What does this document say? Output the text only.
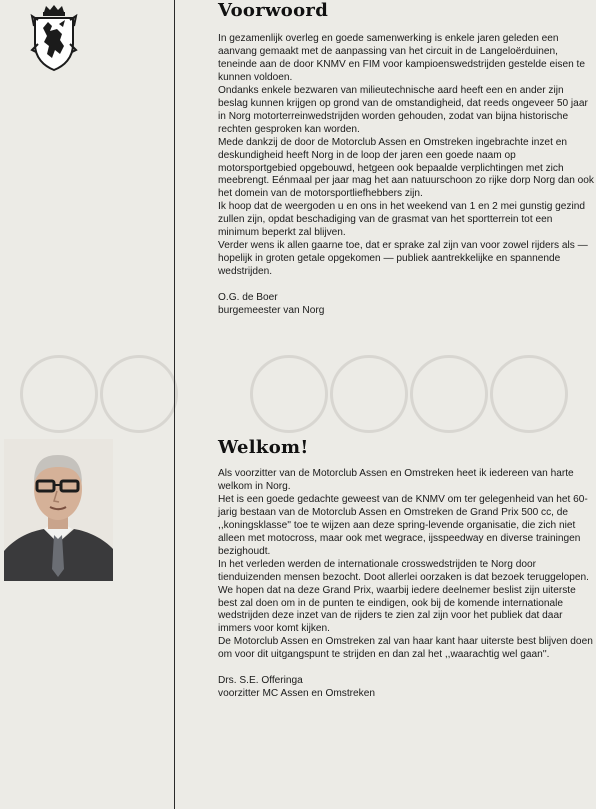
Voorwoord

In gezamenlijk overleg en goede samenwerking is enkele jaren geleden een aanvang gemaakt met de aanpassing van het circuit in de Langeloërduinen, teneinde aan de door KNMV en FIM voor kampioenswedstrijden gestelde eisen te kunnen voldoen.

Ondanks enkele bezwaren van milieutechnische aard heeft een en ander zijn beslag kunnen krijgen op grond van de omstandigheid, dat reeds ongeveer 50 jaar in Norg motorterreinwedstrijden worden gehouden, zodat van bijna historische rechten gesproken kan worden.

Mede dankzij de door de Motorclub Assen en Omstreken ingebrachte inzet en deskundigheid heeft Norg in de loop der jaren een goede naam op motorsportgebied opgebouwd, hetgeen ook bepaalde verplichtingen met zich meebrengt. Eénmaal per jaar mag het aan natuurschoon zo rijke dorp Norg dan ook het domein van de motorsportliefhebbers zijn.

Ik hoop dat de weergoden u en ons in het weekend van 1 en 2 mei gunstig gezind zullen zijn, opdat beschadiging van de grasmat van het sportterrein tot een minimum beperkt zal blijven.

Verder wens ik allen gaarne toe, dat er sprake zal zijn van voor zowel rijders als — hopelijk in groten getale opgekomen — publiek aantrekkelijke en spannende wedstrijden.

O.G. de Boer

burgemeester van Norg

Welkom!

Als voorzitter van de Motorclub Assen en Omstreken heet ik iedereen van harte welkom in Norg.

Het is een goede gedachte geweest van de KNMV om ter gelegenheid van het 60-jarig bestaan van de Motorclub Assen en Omstreken de Grand Prix 500 cc, de ,,koningsklasse'' toe te wijzen aan deze spring-levende organisatie, die zich niet alleen met motocross, maar ook met wegrace, ijsspeedway en diverse trainingen bezighoudt.

In het verleden werden de internationale crosswedstrijden te Norg door tienduizenden mensen bezocht. Doot allerlei oorzaken is dat bezoek teruggelopen.

We hopen dat na deze Grand Prix, waarbij iedere deelnemer beslist zijn uiterste best zal doen om in de punten te eindigen, ook bij de komende internationale wedstrijden deze inzet van de rijders te zien zal zijn voor het publiek dat daar immers voor komt kijken.

De Motorclub Assen en Omstreken zal van haar kant haar uiterste best blijven doen om voor dit uitgangspunt te strijden en dan zal het ,,waarachtig wel gaan''.

Drs. S.E. Offeringa

voorzitter MC Assen en Omstreken
